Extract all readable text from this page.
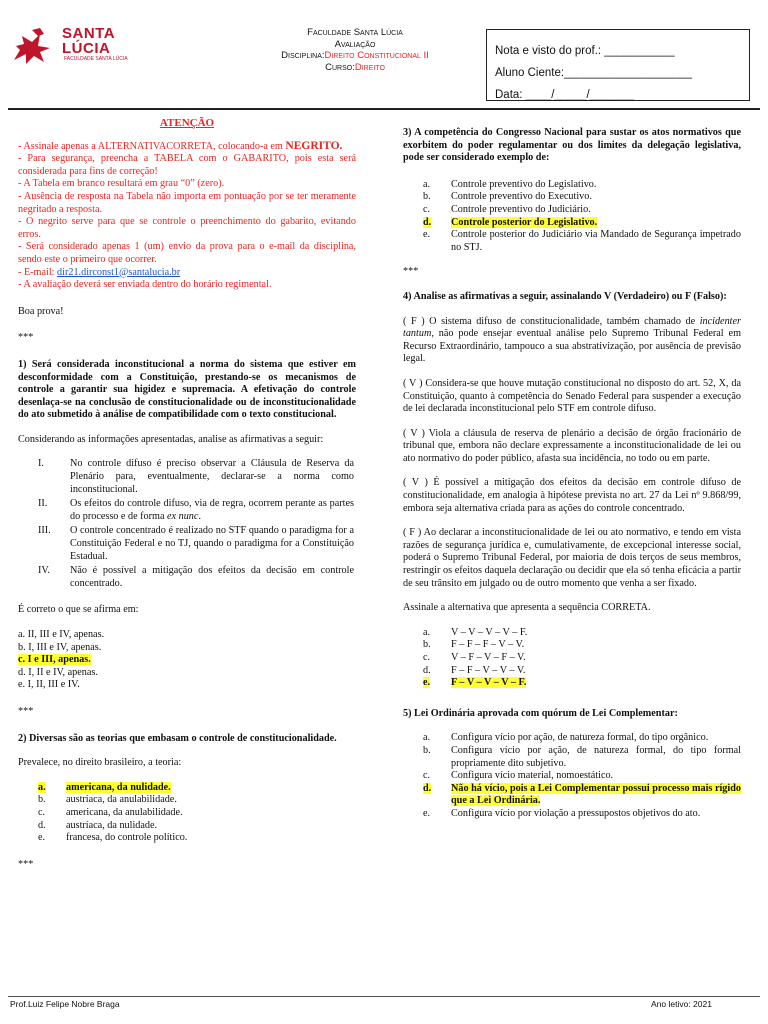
SANTA
LÚCIA
FACULDADE SANTA LÚCIA
Faculdade Santa Lúcia
Avaliação
Disciplina:Direito Constitucional II
Curso:Direito
Nota e visto do prof.: ___________
Aluno Ciente:____________________
Data: ____/_____/_______
ATENÇÃO

- Assinale apenas a ALTERNATIVACORRETA, colocando-a em NEGRITO.

- Para segurança, preencha a TABELA com o GABARITO, pois esta será considerada para fins de correção!

- A Tabela em branco resultará em grau “0” (zero).

- Ausência de resposta na Tabela não importa em pontuação por se ter meramente negritado a resposta.

- O negrito serve para que se controle o preenchimento do gabarito, evitando erros.

- Será considerado apenas 1 (um) envio da prova para o e-mail da disciplina, sendo este o primeiro que ocorrer.

- E-mail: dir21.dirconst1@santalucia.br

- A avaliação deverá ser enviada dentro do horário regimental.

Boa prova!

***

1) Será considerada inconstitucional a norma do sistema que estiver em desconformidade com a Constituição, prestando-se os mecanismos de controle a garantir sua higidez e supremacia. A efetivação do controle desenlaça-se na conclusão de constitucionalidade ou de inconstitucionalidade do ato submetido à análise de compatibilidade com o texto constitucional.

Considerando as informações apresentadas, analise as afirmativas a seguir:

I.	No controle difuso é preciso observar a Cláusula de Reserva da Plenário para, eventualmente, declarar-se a norma como inconstitucional.
II.	Os efeitos do controle difuso, via de regra, ocorrem perante as partes do processo e de forma ex nunc.
III.	O controle concentrado é realizado no STF quando o paradigma for a Constituição Federal e no TJ, quando o paradigma for a Constituição Estadual.
IV.	Não é possível a mitigação dos efeitos da decisão em controle concentrado.

É correto o que se afirma em:

a. II, III e IV, apenas.

b. I, III e IV, apenas.

c. I e III, apenas.

d. I, II e IV, apenas.

e. I, II, III e IV.

***

2) Diversas são as teorias que embasam o controle de constitucionalidade.

Prevalece, no direito brasileiro, a teoria:

a.	americana, da nulidade.
b.	austríaca, da anulabilidade.
c.	americana, da anulabilidade.
d.	austríaca, da nulidade.
e.	francesa, do controle político.

***

3) A competência do Congresso Nacional para sustar os atos normativos que exorbitem do poder regulamentar ou dos limites da delegação legislativa, pode ser considerado exemplo de:

a.	Controle preventivo do Legislativo.
b.	Controle preventivo do Executivo.
c.	Controle preventivo do Judiciário.
d.	Controle posterior do Legislativo.
e.	Controle posterior do Judiciário via Mandado de Segurança impetrado no STJ.

***

4) Analise as afirmativas a seguir, assinalando V (Verdadeiro) ou F (Falso):

( F ) O sistema difuso de constitucionalidade, também chamado de incidenter tantum, não pode ensejar eventual análise pelo Supremo Tribunal Federal em Recurso Extraordinário, tampouco a sua abstrativização, por ausência de previsão legal.

( V ) Considera-se que houve mutação constitucional no disposto do art. 52, X, da Constituição, quanto à competência do Senado Federal para suspender a execução de lei declarada inconstitucional pelo STF em controle difuso.

( V ) Viola a cláusula de reserva de plenário a decisão de órgão fracionário de tribunal que, embora não declare expressamente a inconstitucionalidade de lei ou ato normativo do poder público, afasta sua incidência, no todo ou em parte.

( V ) É possível a mitigação dos efeitos da decisão em controle difuso de constitucionalidade, em analogia à hipótese prevista no art. 27 da Lei nº 9.868/99, embora seja alternativa criada para as ações do controle concentrado.

( F ) Ao declarar a inconstitucionalidade de lei ou ato normativo, e tendo em vista razões de segurança jurídica e, cumulativamente, de excepcional interesse social, poderá o Supremo Tribunal Federal, por maioria de dois terços de seus membros, restringir os efeitos daquela declaração ou decidir que ela só tenha eficácia a partir de seu trânsito em julgado ou de outro momento que venha a ser fixado.

Assinale a alternativa que apresenta a sequência CORRETA.

a.	V – V – V – V – F.
b.	F – F – F – V – V.
c.	V – F – V – F – V.
d.	F – F – V – V – V.
e.	F – V – V – V – F.

5) Lei Ordinária aprovada com quórum de Lei Complementar:

a.	Configura vício por ação, de natureza formal, do tipo orgânico.
b.	Configura vício por ação, de natureza formal, do tipo formal propriamente dito subjetivo.
c.	Configura vício material, nomoestático.
d.	Não há vício, pois a Lei Complementar possui processo mais rígido que a Lei Ordinária.
e.	Configura vício por violação a pressupostos objetivos do ato.
Prof.Luiz Felipe Nobre Braga	Ano letivo: 2021
